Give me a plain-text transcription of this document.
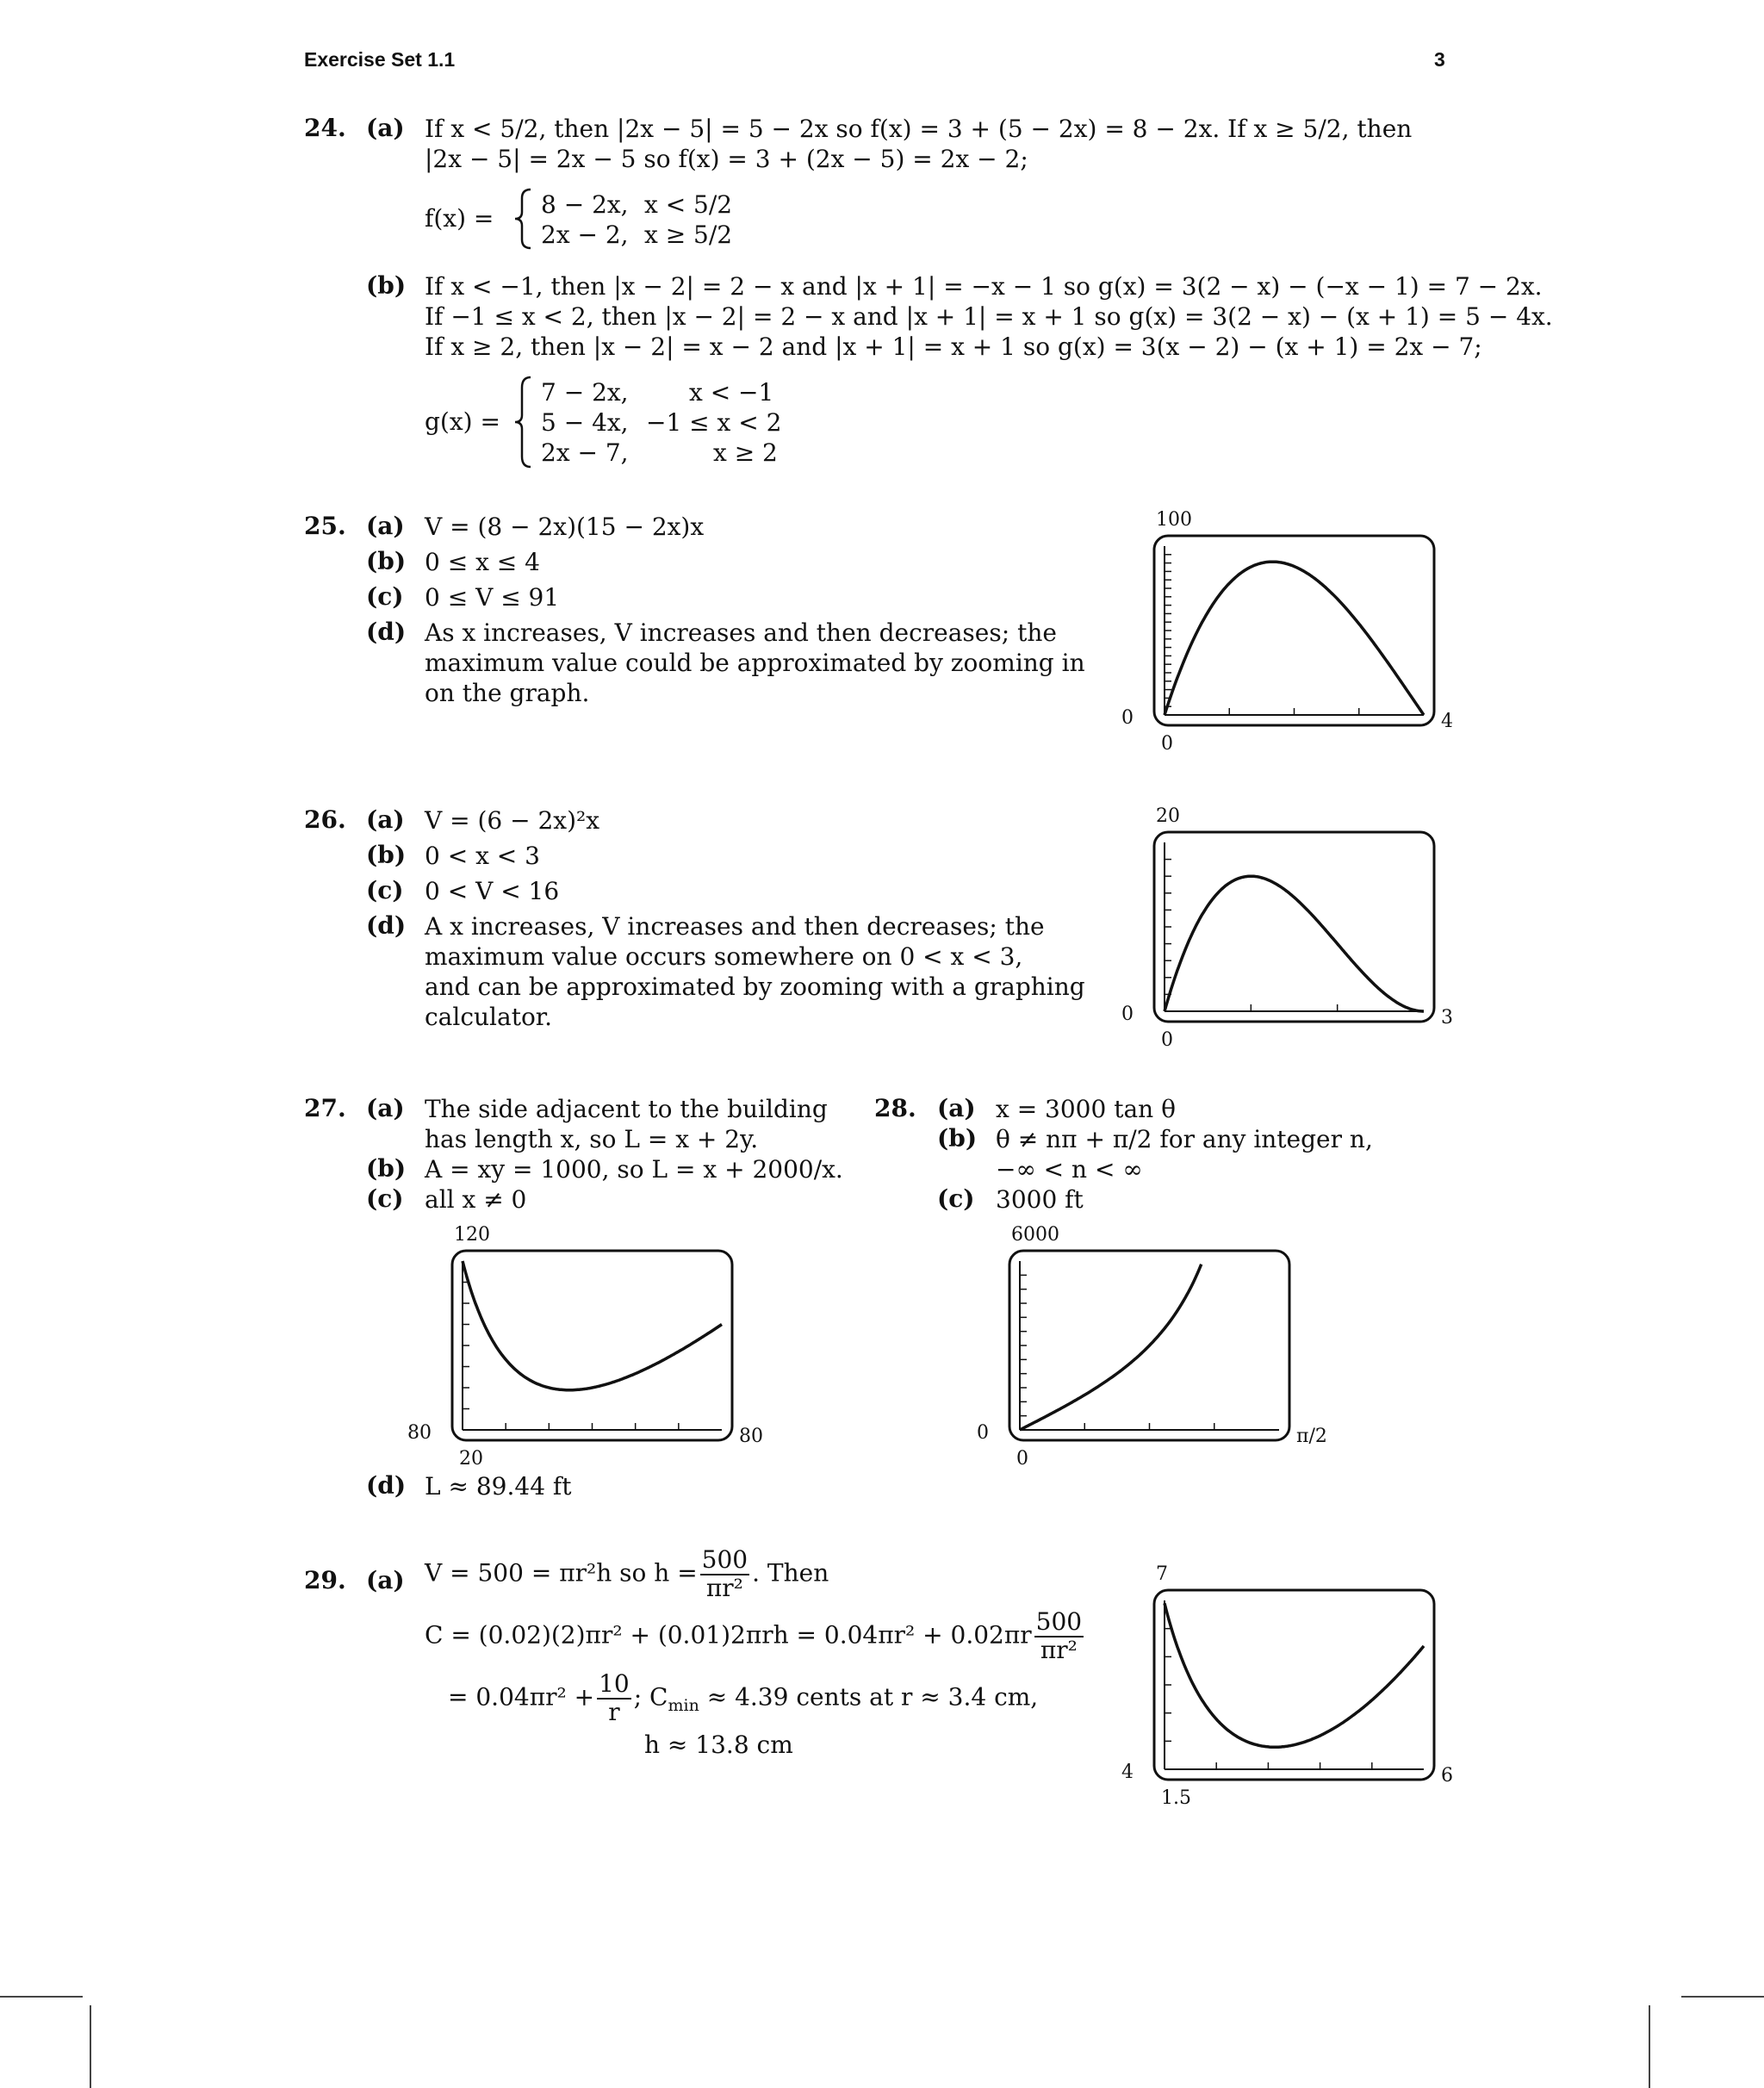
Exercise Set 1.1	3
24. (a) If x < 5/2, then |2x − 5| = 5 − 2x so f(x) = 3 + (5 − 2x) = 8 − 2x. If x ≥ 5/2, then
|2x − 5| = 2x − 5 so f(x) = 3 + (2x − 5) = 2x − 2;
f(x) = 8 − 2x, x < 5/2
2x − 2, x ≥ 5/2
(b) If x < −1, then |x − 2| = 2 − x and |x + 1| = −x − 1 so g(x) = 3(2 − x) − (−x − 1) = 7 − 2x.
If −1 ≤ x < 2, then |x − 2| = 2 − x and |x + 1| = x + 1 so g(x) = 3(2 − x) − (x + 1) = 5 − 4x.
If x ≥ 2, then |x − 2| = x − 2 and |x + 1| = x + 1 so g(x) = 3(x − 2) − (x + 1) = 2x − 7;
g(x) =
7 − 2x,	x < −1
5 − 4x, −1 ≤ x < 2
2x − 7,	x ≥ 2
25. (a) V = (8 − 2x)(15 − 2x)x
(b) 0 ≤ x ≤ 4
(c) 0 ≤ V ≤ 91
(d) As x increases, V increases and then decreases; the
maximum value could be approximated by zooming in
on the graph.
26. (a) V = (6 − 2x)²x
(b) 0 < x < 3
(c) 0 < V < 16
(d) A x increases, V increases and then decreases; the
maximum value occurs somewhere on 0 < x < 3,
and can be approximated by zooming with a graphing
calculator.
27. (a) The side adjacent to the building
has length x, so L = x + 2y.
(b) A = xy = 1000, so L = x + 2000/x.
(c) all x ≠ 0
(d) L ≈ 89.44 ft
28. (a) x = 3000 tan θ
(b) θ ≠ nπ + π/2 for any integer n,
−∞ < n < ∞
(c) 3000 ft
29. (a) V = 500 = πr²h so $h = \frac{500}{\text{πr²}}$ . Then
$C = (0.02)(2)\pi r^2 + (0.01)2\pi rh = 0.04\pi r^2 + 0.02\pi r \frac{500}{\text{πr²}}$
= $0.04\pi r^2 + \frac{10}{r}$ ; $C_{min} \approx 4.39$ cents at r ≈ 3.4 cm,
h ≈ 13.8 cm
100
0
0
4
20
0
0
3
120
80
20
80
6000
0
0
π/2
7
4
1.5
6
